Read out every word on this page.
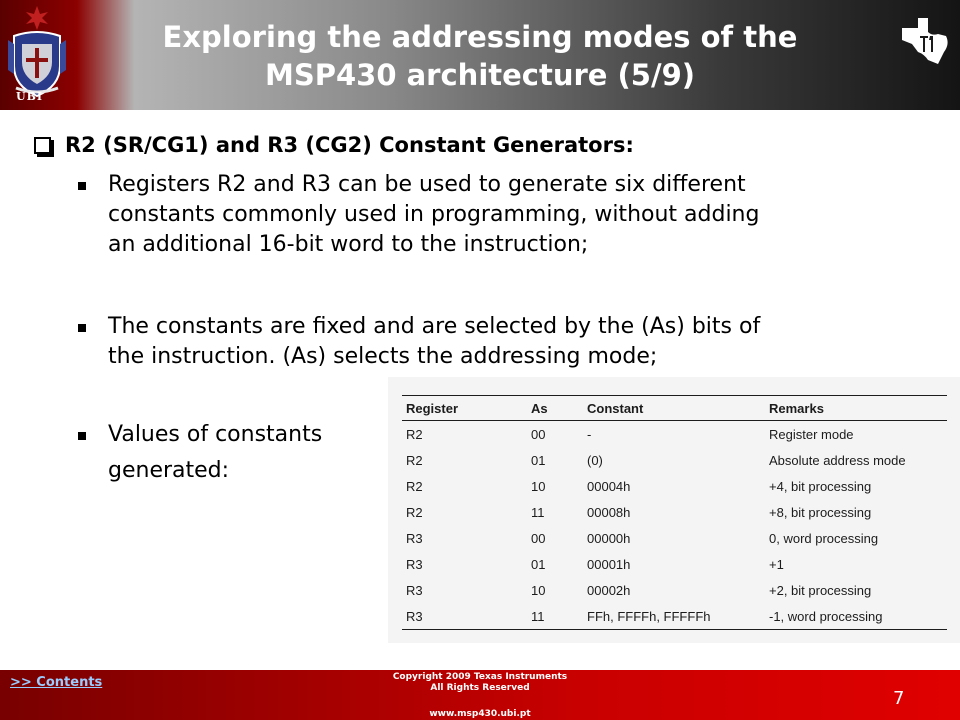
UBI
Exploring the addressing modes of the
MSP430 architecture (5/9)
R2 (SR/CG1) and R3 (CG2) Constant Generators:
Registers R2 and R3 can be used to generate six different
constants commonly used in programming, without adding
an additional 16-bit word to the instruction;
The constants are fixed and are selected by the (As) bits of
the instruction. (As) selects the addressing mode;
Values of constants
generated:
Register	As	Constant	Remarks
R2	00	-	Register mode
R2	01	(0)	Absolute address mode
R2	10	00004h	+4, bit processing
R2	11	00008h	+8, bit processing
R3	00	00000h	0, word processing
R3	01	00001h	+1
R3	10	00002h	+2, bit processing
R3	11	FFh, FFFFh, FFFFFh	-1, word processing
>> Contents	Copyright 2009 Texas Instruments
All Rights Reserved
www.msp430.ubi.pt
7
